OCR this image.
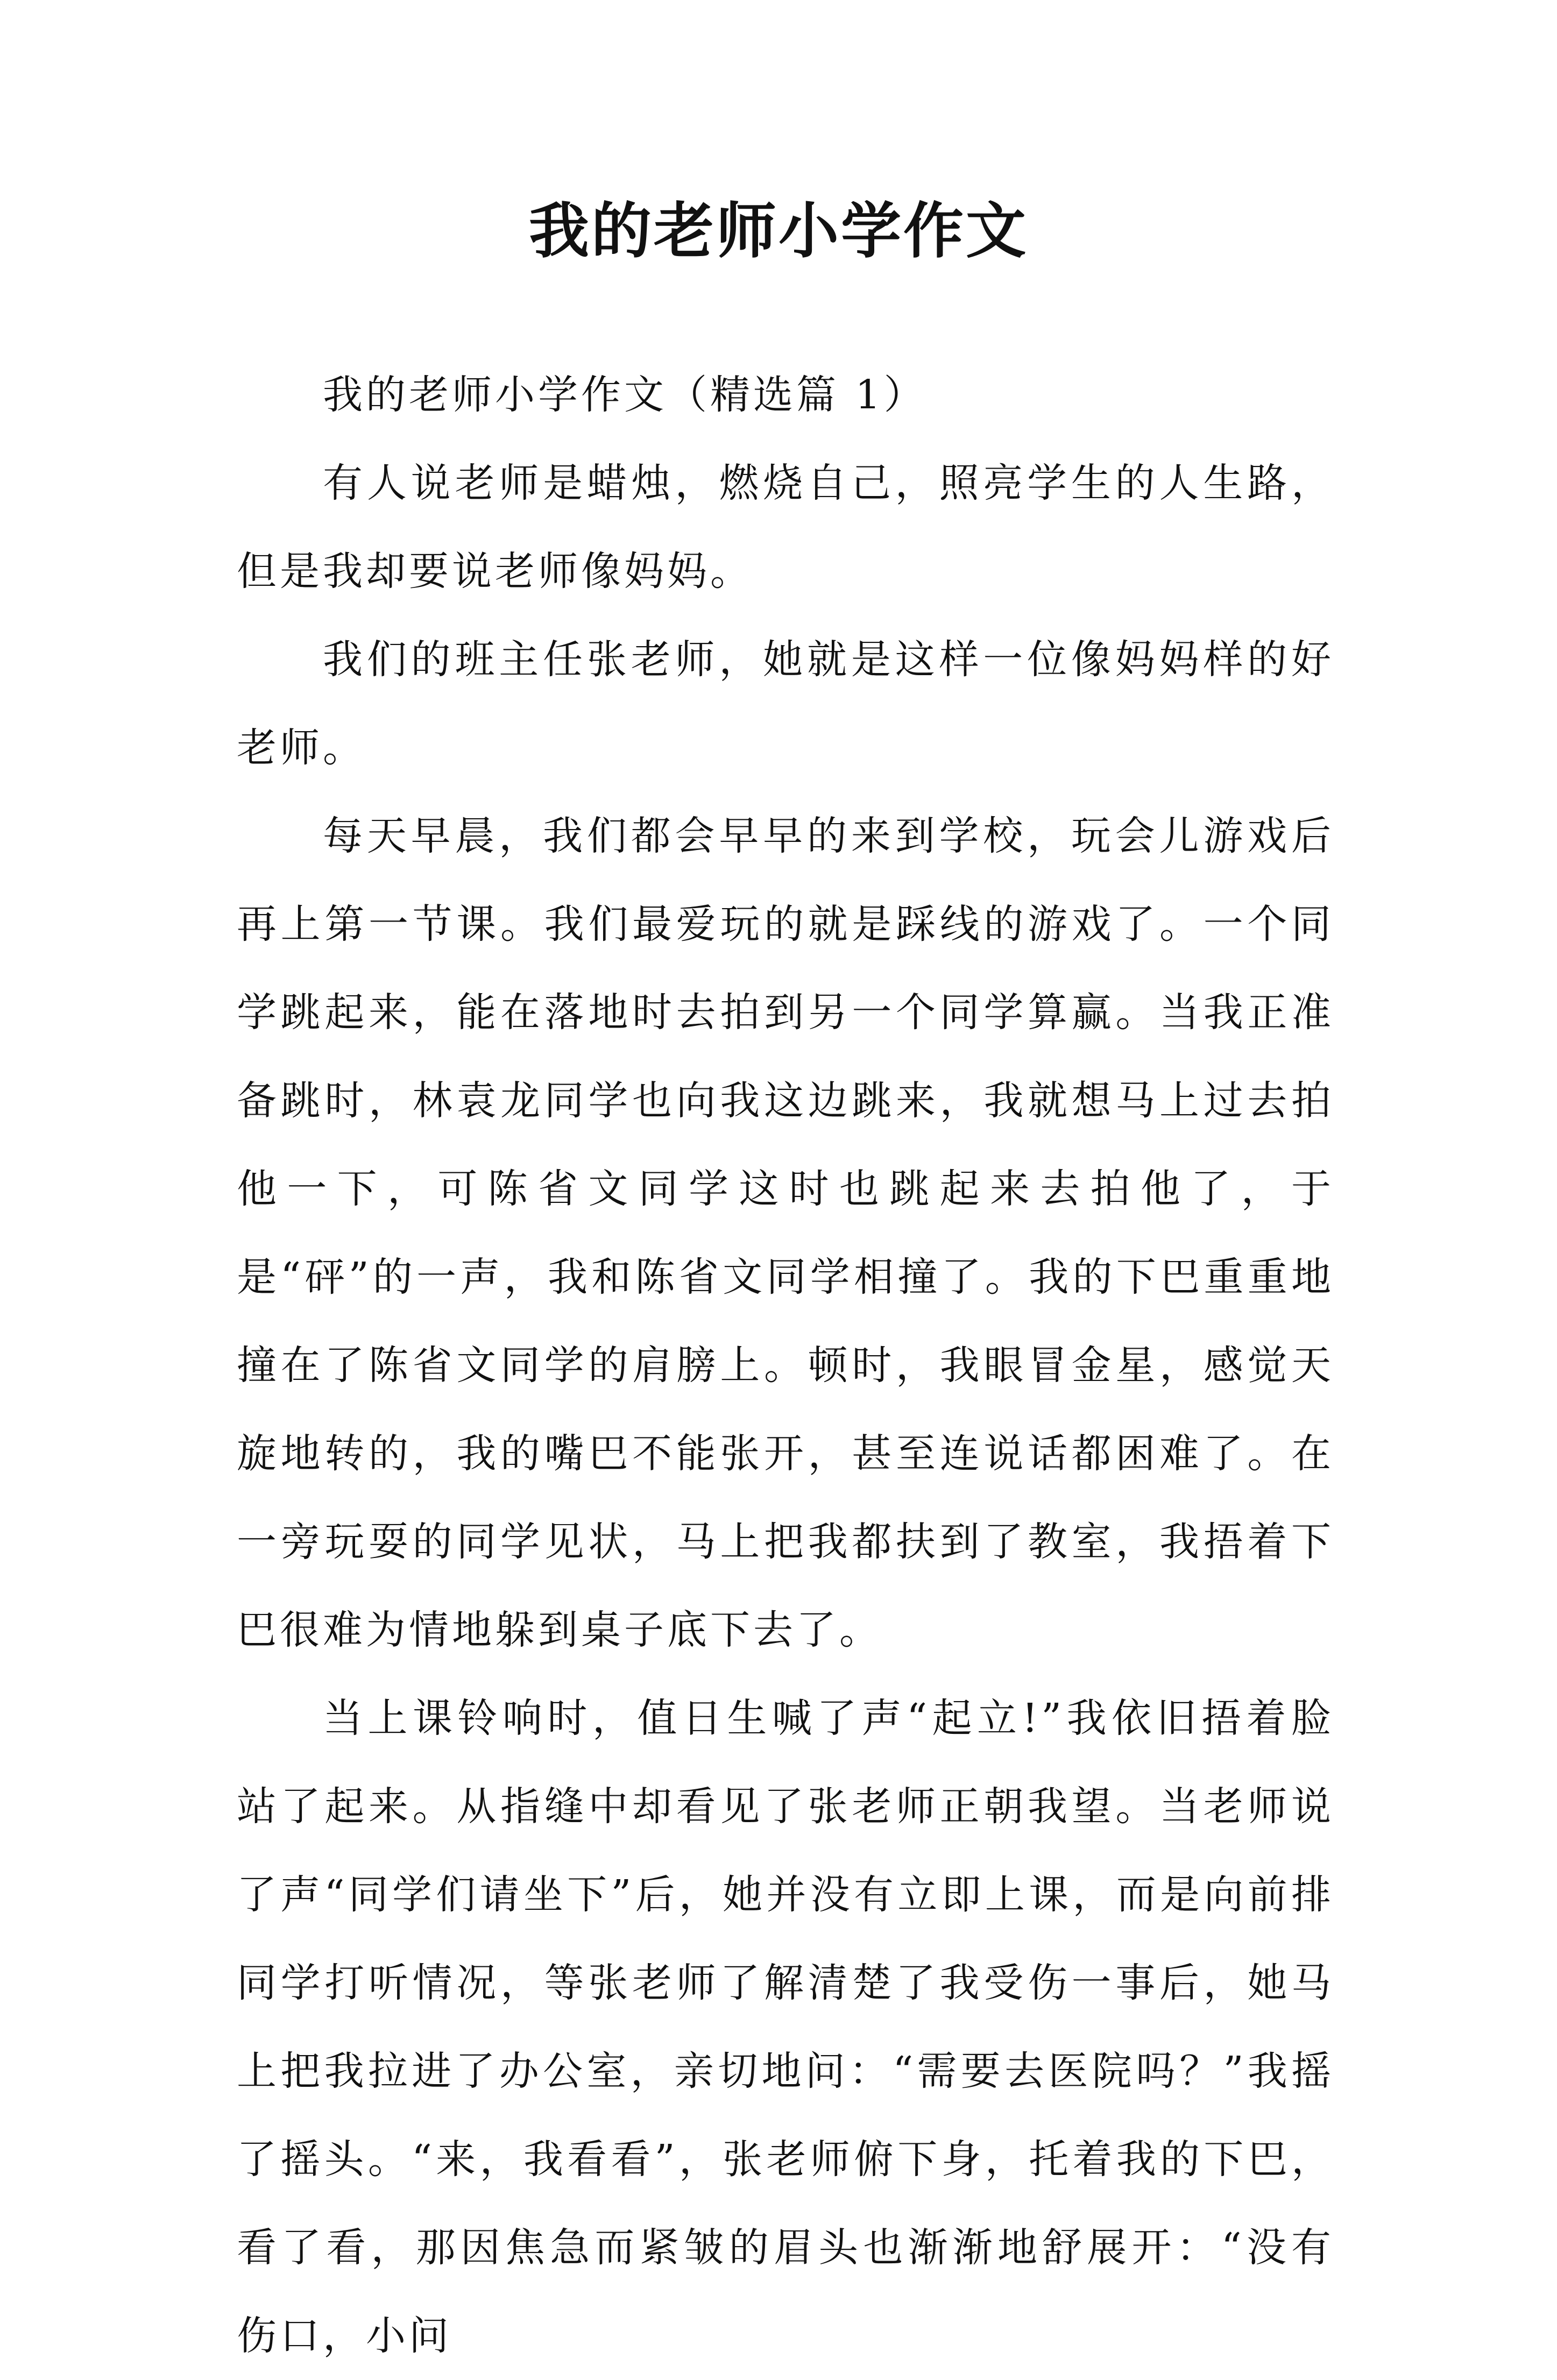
我的老师小学作文

我的老师小学作文（精选篇 1）

有人说老师是蜡烛，燃烧自己，照亮学生的人生路，但是我却要说老师像妈妈。

我们的班主任张老师，她就是这样一位像妈妈样的好老师。

每天早晨，我们都会早早的来到学校，玩会儿游戏后再上第一节课。我们最爱玩的就是踩线的游戏了。一个同学跳起来，能在落地时去拍到另一个同学算赢。当我正准备跳时，林袁龙同学也向我这边跳来，我就想马上过去拍他一下，可陈省文同学这时也跳起来去拍他了，于是“砰”的一声，我和陈省文同学相撞了。我的下巴重重地撞在了陈省文同学的肩膀上。顿时，我眼冒金星，感觉天旋地转的，我的嘴巴不能张开，甚至连说话都困难了。在一旁玩耍的同学见状，马上把我都扶到了教室，我捂着下巴很难为情地躲到桌子底下去了。

当上课铃响时，值日生喊了声“起立!”我依旧捂着脸站了起来。从指缝中却看见了张老师正朝我望。当老师说了声“同学们请坐下”后，她并没有立即上课，而是向前排同学打听情况，等张老师了解清楚了我受伤一事后，她马上把我拉进了办公室，亲切地问：“需要去医院吗？”我摇了摇头。“来，我看看”，张老师俯下身，托着我的下巴，看了看，那因焦急而紧皱的眉头也渐渐地舒展开：“没有伤口，小问
